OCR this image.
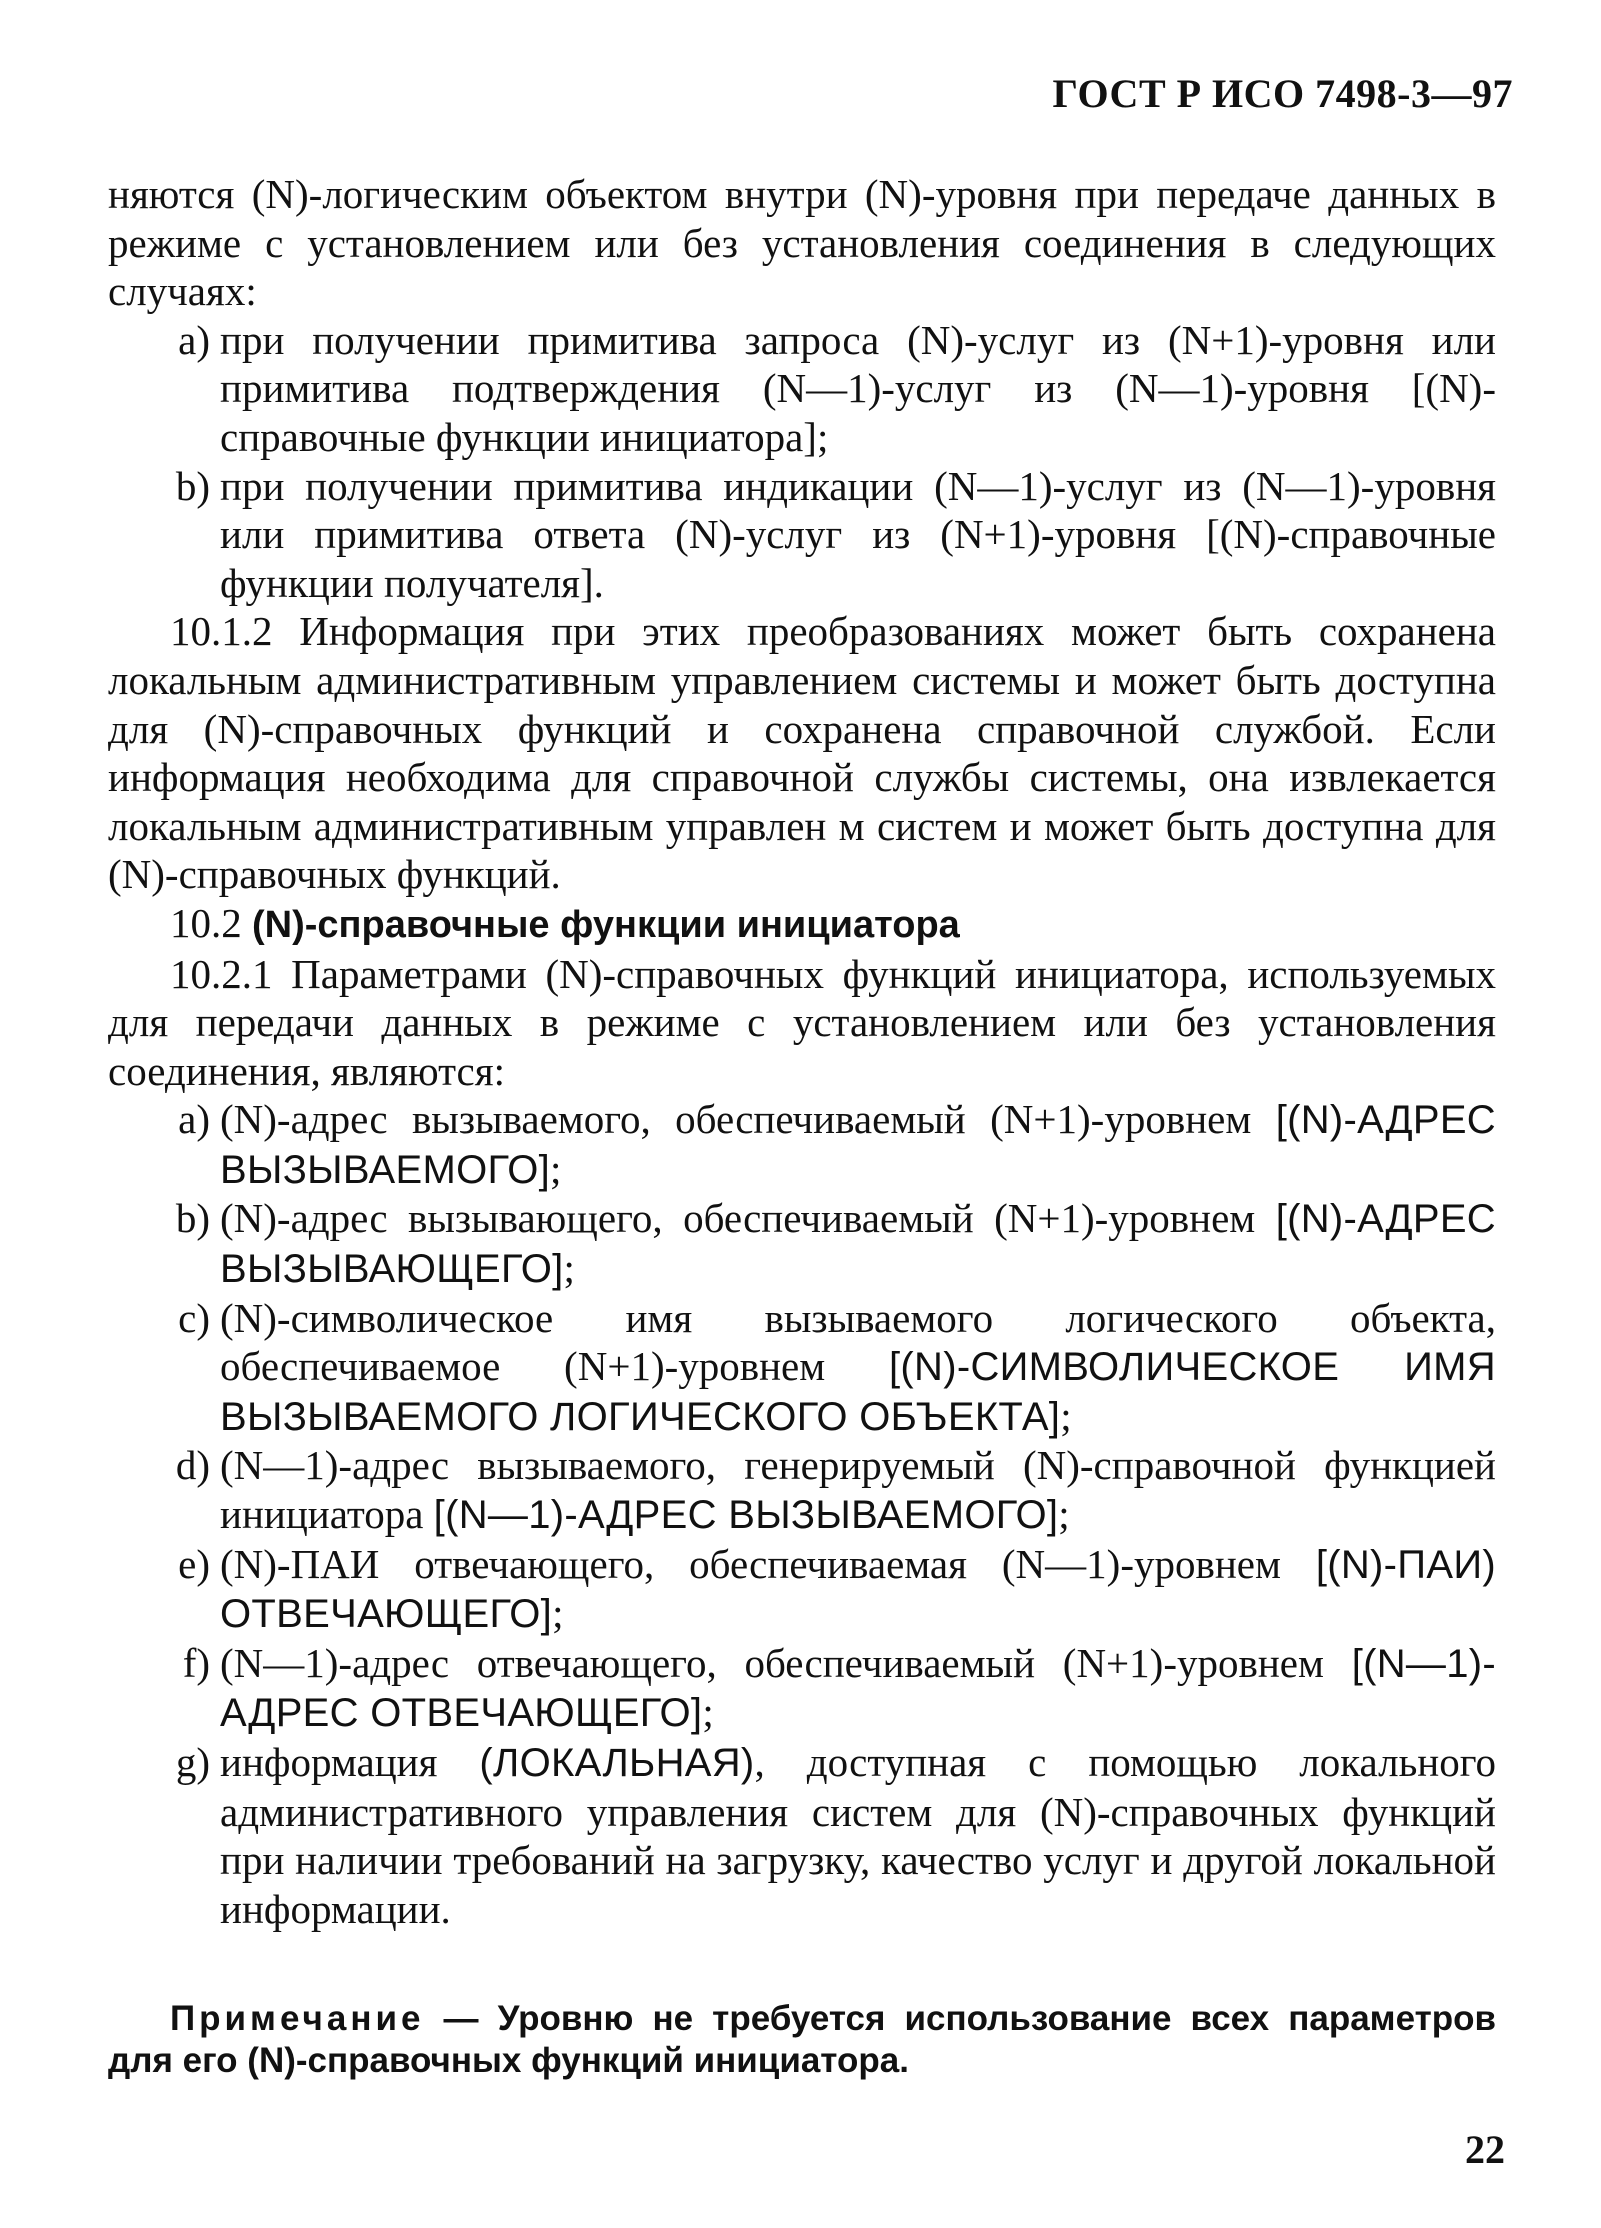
ГОСТ Р ИСО 7498-3—97

няются (N)-логическим объектом внутри (N)-уровня при передаче данных в режиме с установлением или без установления соединения в следующих случаях:

a) при получении примитива запроса (N)-услуг из (N+1)-уровня или примитива подтверждения (N—1)-услуг из (N—1)-уровня [(N)-справочные функции инициатора];
b) при получении примитива индикации (N—1)-услуг из (N—1)-уровня или примитива ответа (N)-услуг из (N+1)-уровня [(N)-справочные функции получателя].

10.1.2 Информация при этих преобразованиях может быть сохранена локальным административным управлением системы и может быть доступна для (N)-справочных функций и сохранена справочной службой. Если информация необходима для справочной службы системы, она извлекается локальным административным управлен м систем и может быть доступна для (N)-справочных функций.

10.2 (N)-справочные функции инициатора

10.2.1 Параметрами (N)-справочных функций инициатора, используемых для передачи данных в режиме с установлением или без установления соединения, являются:

a) (N)-адрес вызываемого, обеспечиваемый (N+1)-уровнем [(N)-АДРЕС ВЫЗЫВАЕМОГО];
b) (N)-адрес вызывающего, обеспечиваемый (N+1)-уровнем [(N)-АДРЕС ВЫЗЫВАЮЩЕГО];
c) (N)-символическое имя вызываемого логического объекта, обеспечиваемое (N+1)-уровнем [(N)-СИМВОЛИЧЕСКОЕ ИМЯ ВЫЗЫВАЕМОГО ЛОГИЧЕСКОГО ОБЪЕКТА];
d) (N—1)-адрес вызываемого, генерируемый (N)-справочной функцией инициатора [(N—1)-АДРЕС ВЫЗЫВАЕМОГО];
e) (N)-ПАИ отвечающего, обеспечиваемая (N—1)-уровнем [(N)-ПАИ) ОТВЕЧАЮЩЕГО];
f) (N—1)-адрес отвечающего, обеспечиваемый (N+1)-уровнем [(N—1)-АДРЕС ОТВЕЧАЮЩЕГО];
g) информация (ЛОКАЛЬНАЯ), доступная с помощью локального административного управления систем для (N)-справочных функций при наличии требований на загрузку, качество услуг и другой локальной информации.

Примечание — Уровню не требуется использование всех параметров для его (N)-справочных функций инициатора.

22
